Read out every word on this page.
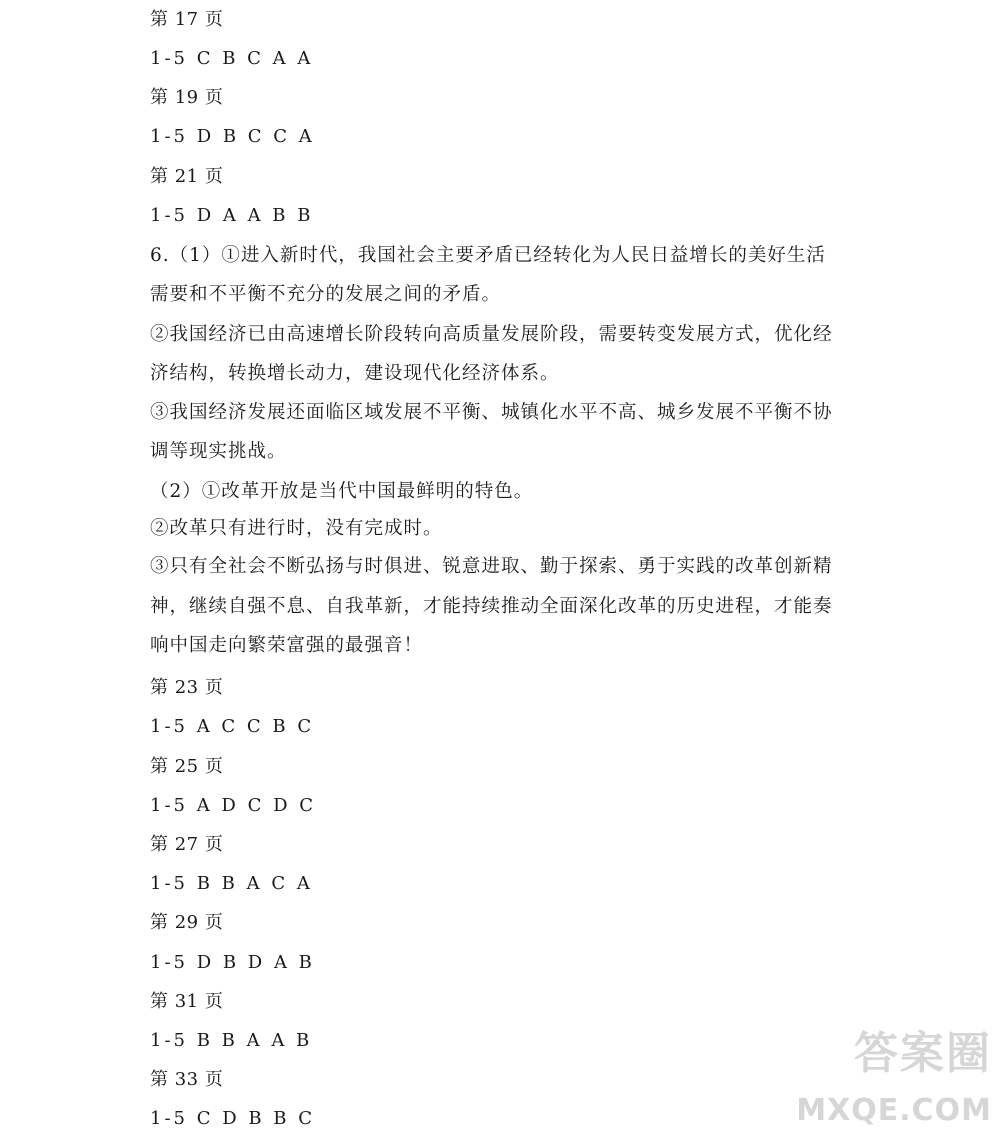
第 17 页
1-5 C B C A A
第 19 页
1-5 D B C C A
第 21 页
1-5 D A A B B
6.（1）①进入新时代，我国社会主要矛盾已经转化为人民日益增长的美好生活
需要和不平衡不充分的发展之间的矛盾。
②我国经济已由高速增长阶段转向高质量发展阶段，需要转变发展方式，优化经
济结构，转换增长动力，建设现代化经济体系。
③我国经济发展还面临区域发展不平衡、城镇化水平不高、城乡发展不平衡不协
调等现实挑战。
（2）①改革开放是当代中国最鲜明的特色。
②改革只有进行时，没有完成时。
③只有全社会不断弘扬与时俱进、锐意进取、勤于探索、勇于实践的改革创新精
神，继续自强不息、自我革新，才能持续推动全面深化改革的历史进程，才能奏
响中国走向繁荣富强的最强音！
第 23 页
1-5 A C C B C
第 25 页
1-5 A D C D C
第 27 页
1-5 B B A C A
第 29 页
1-5 D B D A B
第 31 页
1-5 B B A A B
第 33 页
1-5 C D B B C
答案圈
MXQE.COM
